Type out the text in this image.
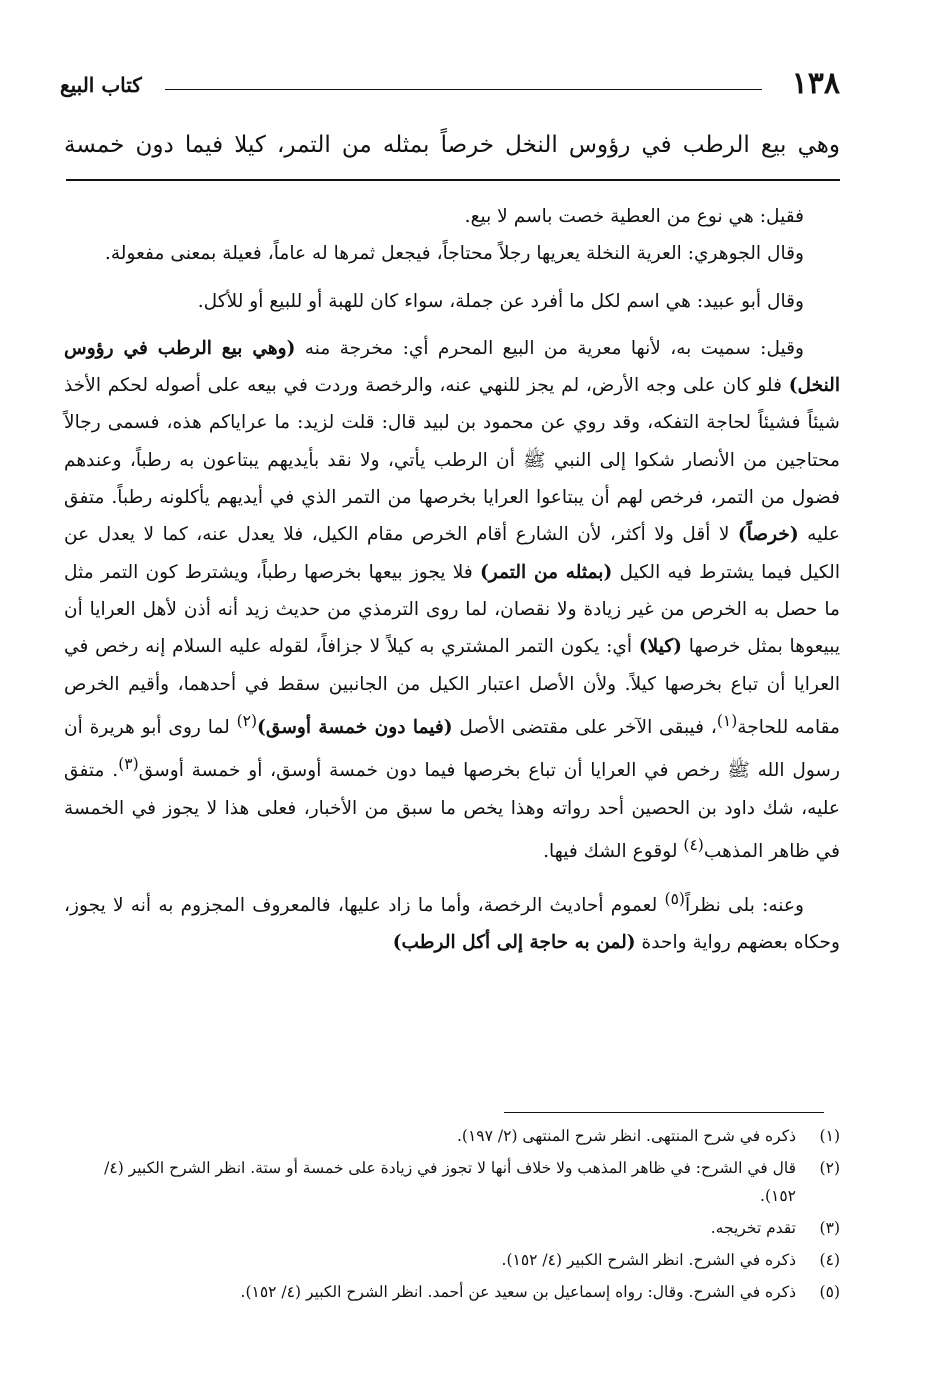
١٣٨
كتاب البيع
وهي بيع الرطب في رؤوس النخل خرصاً بمثله من التمر، كيلا فيما دون خمسة

فقيل: هي نوع من العطية خصت باسم لا بيع.

وقال الجوهري: العرية النخلة يعريها رجلاً محتاجاً، فيجعل ثمرها له عاماً، فعيلة بمعنى مفعولة.

وقال أبو عبيد: هي اسم لكل ما أفرد عن جملة، سواء كان للهبة أو للبيع أو للأكل.

وقيل: سميت به، لأنها معرية من البيع المحرم أي: مخرجة منه (وهي بيع الرطب في رؤوس النخل) فلو كان على وجه الأرض، لم يجز للنهي عنه، والرخصة وردت في بيعه على أصوله لحكم الأخذ شيئاً فشيئاً لحاجة التفكه، وقد روي عن محمود بن لبيد قال: قلت لزيد: ما عراياكم هذه، فسمى رجالاً محتاجين من الأنصار شكوا إلى النبي ﷺ أن الرطب يأتي، ولا نقد بأيديهم يبتاعون به رطباً، وعندهم فضول من التمر، فرخص لهم أن يبتاعوا العرايا بخرصها من التمر الذي في أيديهم يأكلونه رطباً. متفق عليه (خرصاً) لا أقل ولا أكثر، لأن الشارع أقام الخرص مقام الكيل، فلا يعدل عنه، كما لا يعدل عن الكيل فيما يشترط فيه الكيل (بمثله من التمر) فلا يجوز بيعها بخرصها رطباً، ويشترط كون التمر مثل ما حصل به الخرص من غير زيادة ولا نقصان، لما روى الترمذي من حديث زيد أنه أذن لأهل العرايا أن يبيعوها بمثل خرصها (كيلا) أي: يكون التمر المشتري به كيلاً لا جزافاً، لقوله عليه السلام إنه رخص في العرايا أن تباع بخرصها كيلاً. ولأن الأصل اعتبار الكيل من الجانبين سقط في أحدهما، وأقيم الخرص مقامه للحاجة$^{(١)}$، فيبقى الآخر على مقتضى الأصل (فيما دون خمسة أوسق)$^{(٢)}$ لما روى أبو هريرة أن رسول الله ﷺ رخص في العرايا أن تباع بخرصها فيما دون خمسة أوسق، أو خمسة أوسق$^{(٣)}$. متفق عليه، شك داود بن الحصين أحد رواته وهذا يخص ما سبق من الأخبار، فعلى هذا لا يجوز في الخمسة في ظاهر المذهب$^{(٤)}$ لوقوع الشك فيها.

وعنه: بلى نظراً$^{(٥)}$ لعموم أحاديث الرخصة، وأما ما زاد عليها، فالمعروف المجزوم به أنه لا يجوز، وحكاه بعضهم رواية واحدة (لمن به حاجة إلى أكل الرطب)

(١)
ذكره في شرح المنتهى. انظر شرح المنتهى (٢/ ١٩٧).
(٢)
قال في الشرح: في ظاهر المذهب ولا خلاف أنها لا تجوز في زيادة على خمسة أو ستة. انظر الشرح الكبير (٤/ ١٥٢).
(٣)
تقدم تخريجه.
(٤)
ذكره في الشرح. انظر الشرح الكبير (٤/ ١٥٢).
(٥)
ذكره في الشرح. وقال: رواه إسماعيل بن سعيد عن أحمد. انظر الشرح الكبير (٤/ ١٥٢).
